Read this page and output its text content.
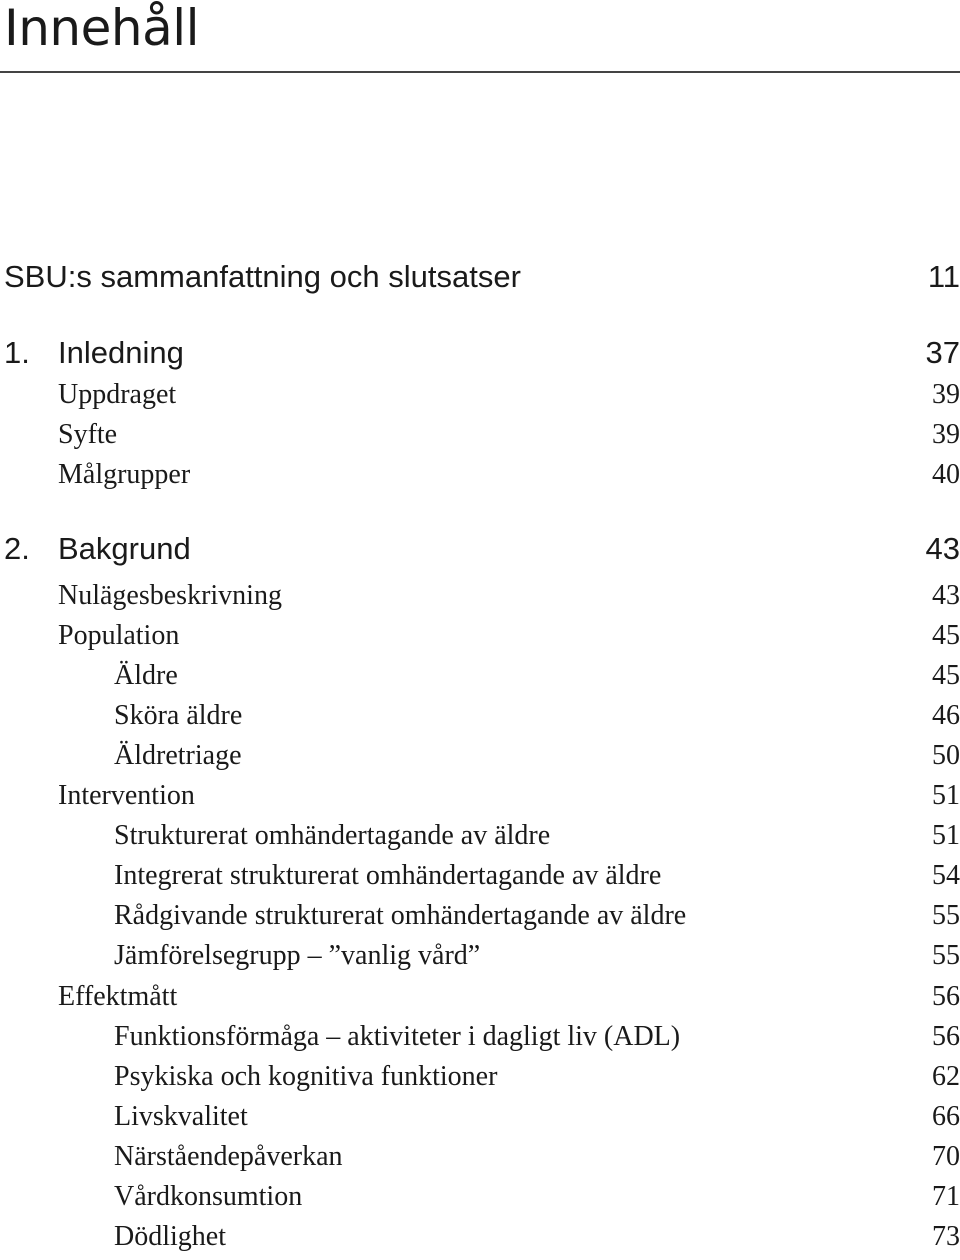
Innehåll
SBU:s sammanfattning och slutsatser	11
1. Inledning	37
Uppdraget	39
Syfte	39
Målgrupper	40
2. Bakgrund	43
Nulägesbeskrivning	43
Population	45
Äldre	45
Sköra äldre	46
Äldretriage	50
Intervention	51
Strukturerat omhändertagande av äldre	51
Integrerat strukturerat omhändertagande av äldre	54
Rådgivande strukturerat omhändertagande av äldre	55
Jämförelsegrupp – ”vanlig vård”	55
Effektmått	56
Funktionsförmåga – aktiviteter i dagligt liv (ADL)	56
Psykiska och kognitiva funktioner	62
Livskvalitet	66
Närståendepåverkan	70
Vårdkonsumtion	71
Dödlighet	73
